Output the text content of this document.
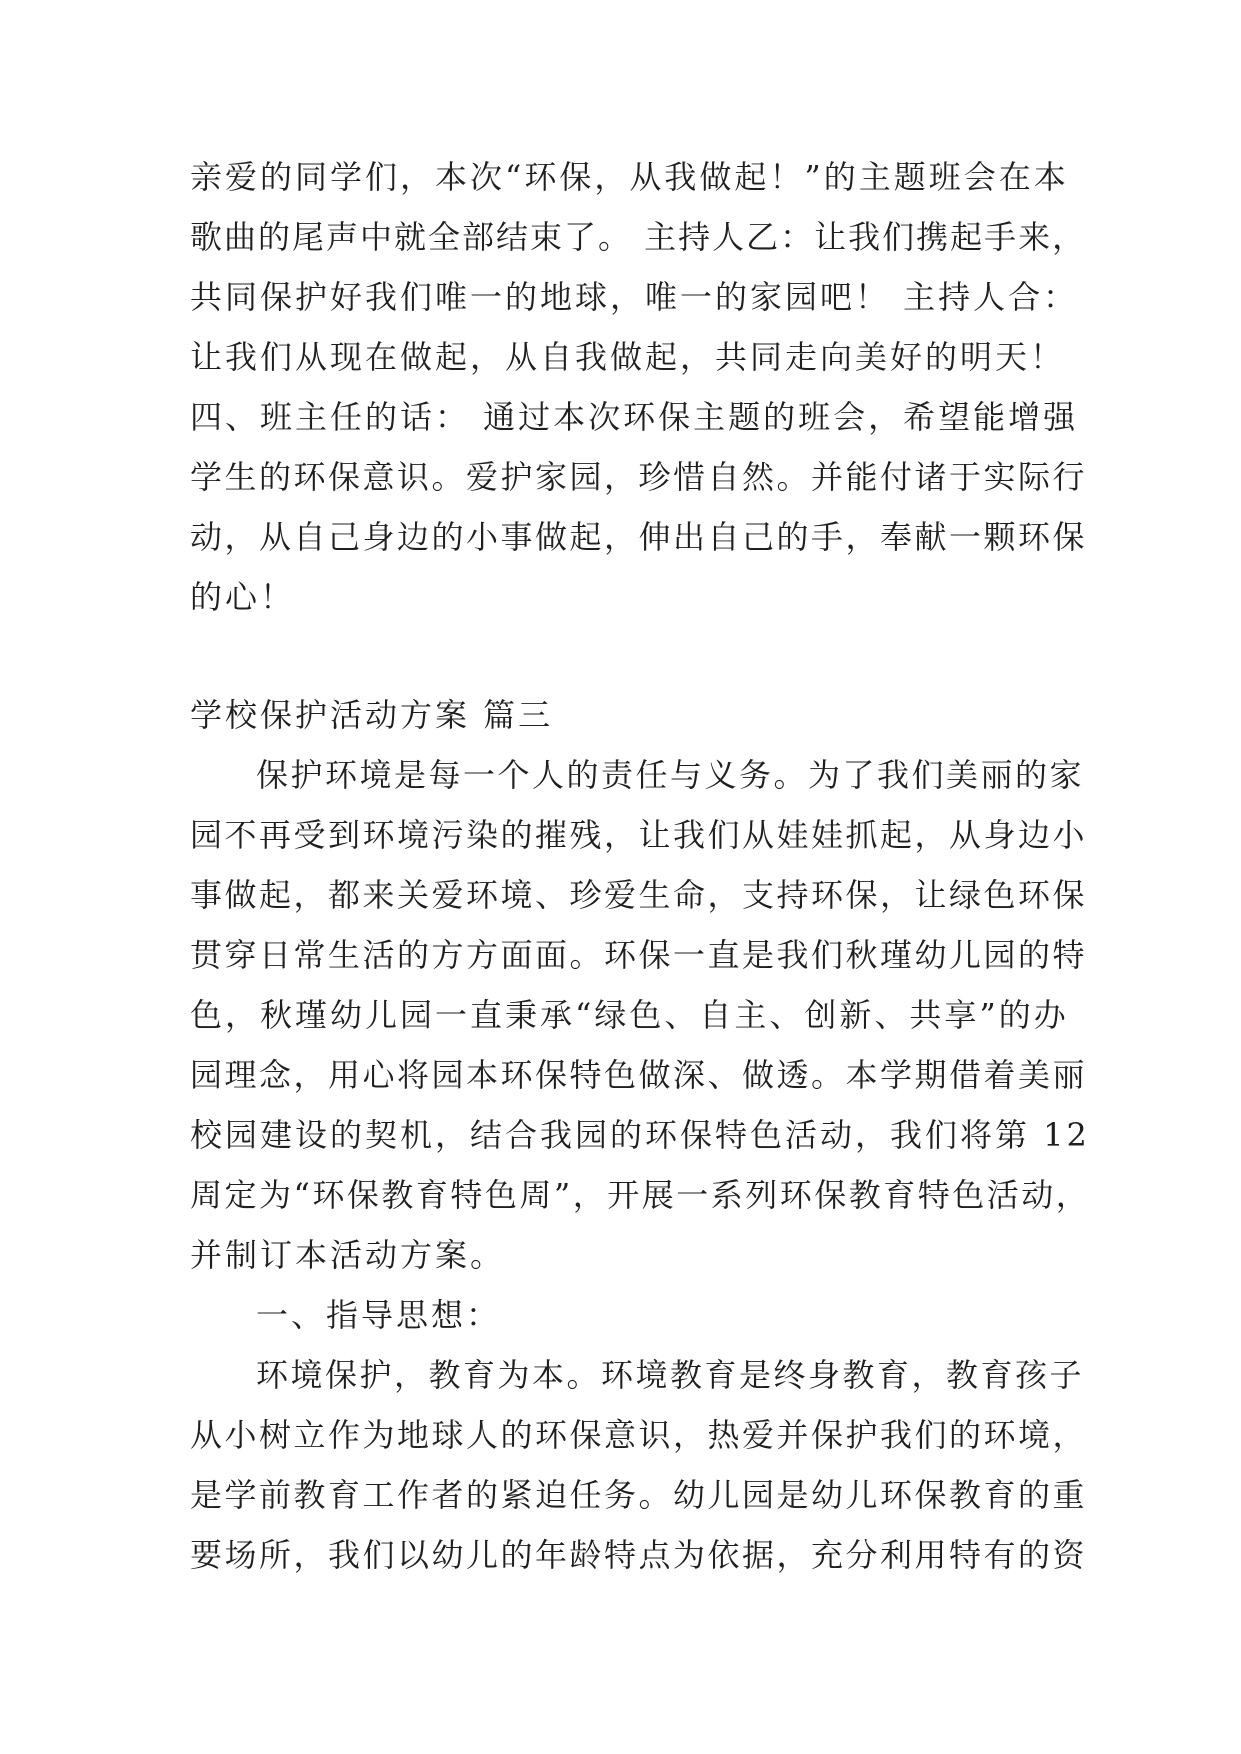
亲爱的同学们，本次“环保，从我做起！”的主题班会在本
歌曲的尾声中就全部结束了。 主持人乙：让我们携起手来，
共同保护好我们唯一的地球，唯一的家园吧！ 主持人合：
让我们从现在做起，从自我做起，共同走向美好的明天！
四、班主任的话： 通过本次环保主题的班会，希望能增强
学生的环保意识。爱护家园，珍惜自然。并能付诸于实际行
动，从自己身边的小事做起，伸出自己的手，奉献一颗环保
的心！
学校保护活动方案 篇三
保护环境是每一个人的责任与义务。为了我们美丽的家
园不再受到环境污染的摧残，让我们从娃娃抓起，从身边小
事做起，都来关爱环境、珍爱生命，支持环保，让绿色环保
贯穿日常生活的方方面面。环保一直是我们秋瑾幼儿园的特
色，秋瑾幼儿园一直秉承“绿色、自主、创新、共享”的办
园理念，用心将园本环保特色做深、做透。本学期借着美丽
校园建设的契机，结合我园的环保特色活动，我们将第 12
周定为“环保教育特色周”，开展一系列环保教育特色活动，
并制订本活动方案。
一、指导思想：
环境保护，教育为本。环境教育是终身教育，教育孩子
从小树立作为地球人的环保意识，热爱并保护我们的环境，
是学前教育工作者的紧迫任务。幼儿园是幼儿环保教育的重
要场所，我们以幼儿的年龄特点为依据，充分利用特有的资
